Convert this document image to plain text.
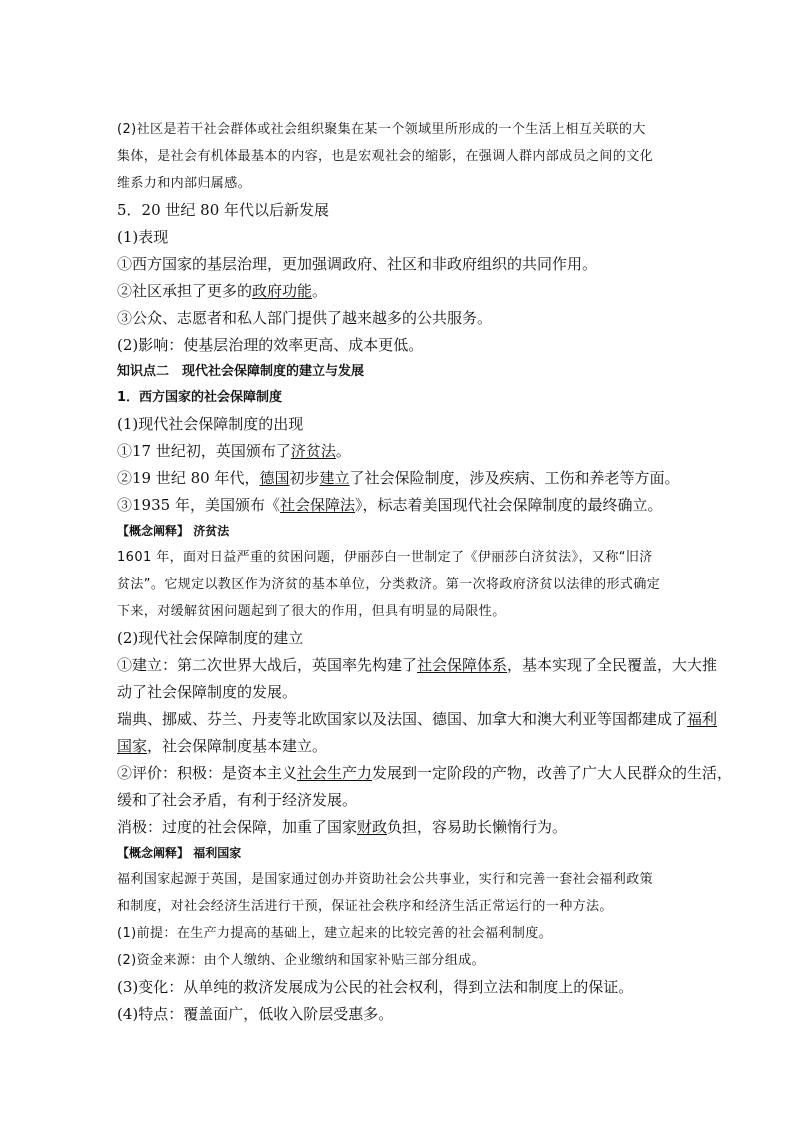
(2)社区是若干社会群体或社会组织聚集在某一个领域里所形成的一个生活上相互关联的大

集体，是社会有机体最基本的内容，也是宏观社会的缩影，在强调人群内部成员之间的文化

维系力和内部归属感。

5．20 世纪 80 年代以后新发展

(1)表现

①西方国家的基层治理，更加强调政府、社区和非政府组织的共同作用。

②社区承担了更多的政府功能。

③公众、志愿者和私人部门提供了越来越多的公共服务。

(2)影响：使基层治理的效率更高、成本更低。

知识点二　现代社会保障制度的建立与发展

1．西方国家的社会保障制度

(1)现代社会保障制度的出现

①17 世纪初，英国颁布了济贫法。

②19 世纪 80 年代，德国初步建立了社会保险制度，涉及疾病、工伤和养老等方面。

③1935 年，美国颁布《社会保障法》，标志着美国现代社会保障制度的最终确立。

【概念阐释】 济贫法

1601 年，面对日益严重的贫困问题，伊丽莎白一世制定了《伊丽莎白济贫法》，又称“旧济

贫法”。它规定以教区作为济贫的基本单位，分类救济。第一次将政府济贫以法律的形式确定

下来，对缓解贫困问题起到了很大的作用，但具有明显的局限性。

(2)现代社会保障制度的建立

①建立：第二次世界大战后，英国率先构建了社会保障体系，基本实现了全民覆盖，大大推

动了社会保障制度的发展。

瑞典、挪威、芬兰、丹麦等北欧国家以及法国、德国、加拿大和澳大利亚等国都建成了福利

国家，社会保障制度基本建立。

②评价：积极：是资本主义社会生产力发展到一定阶段的产物，改善了广大人民群众的生活，

缓和了社会矛盾，有利于经济发展。

消极：过度的社会保障，加重了国家财政负担，容易助长懒惰行为。

【概念阐释】 福利国家

福利国家起源于英国，是国家通过创办并资助社会公共事业，实行和完善一套社会福利政策

和制度，对社会经济生活进行干预，保证社会秩序和经济生活正常运行的一种方法。

(1)前提：在生产力提高的基础上，建立起来的比较完善的社会福利制度。

(2)资金来源：由个人缴纳、企业缴纳和国家补贴三部分组成。

(3)变化：从单纯的救济发展成为公民的社会权利，得到立法和制度上的保证。

(4)特点：覆盖面广，低收入阶层受惠多。
